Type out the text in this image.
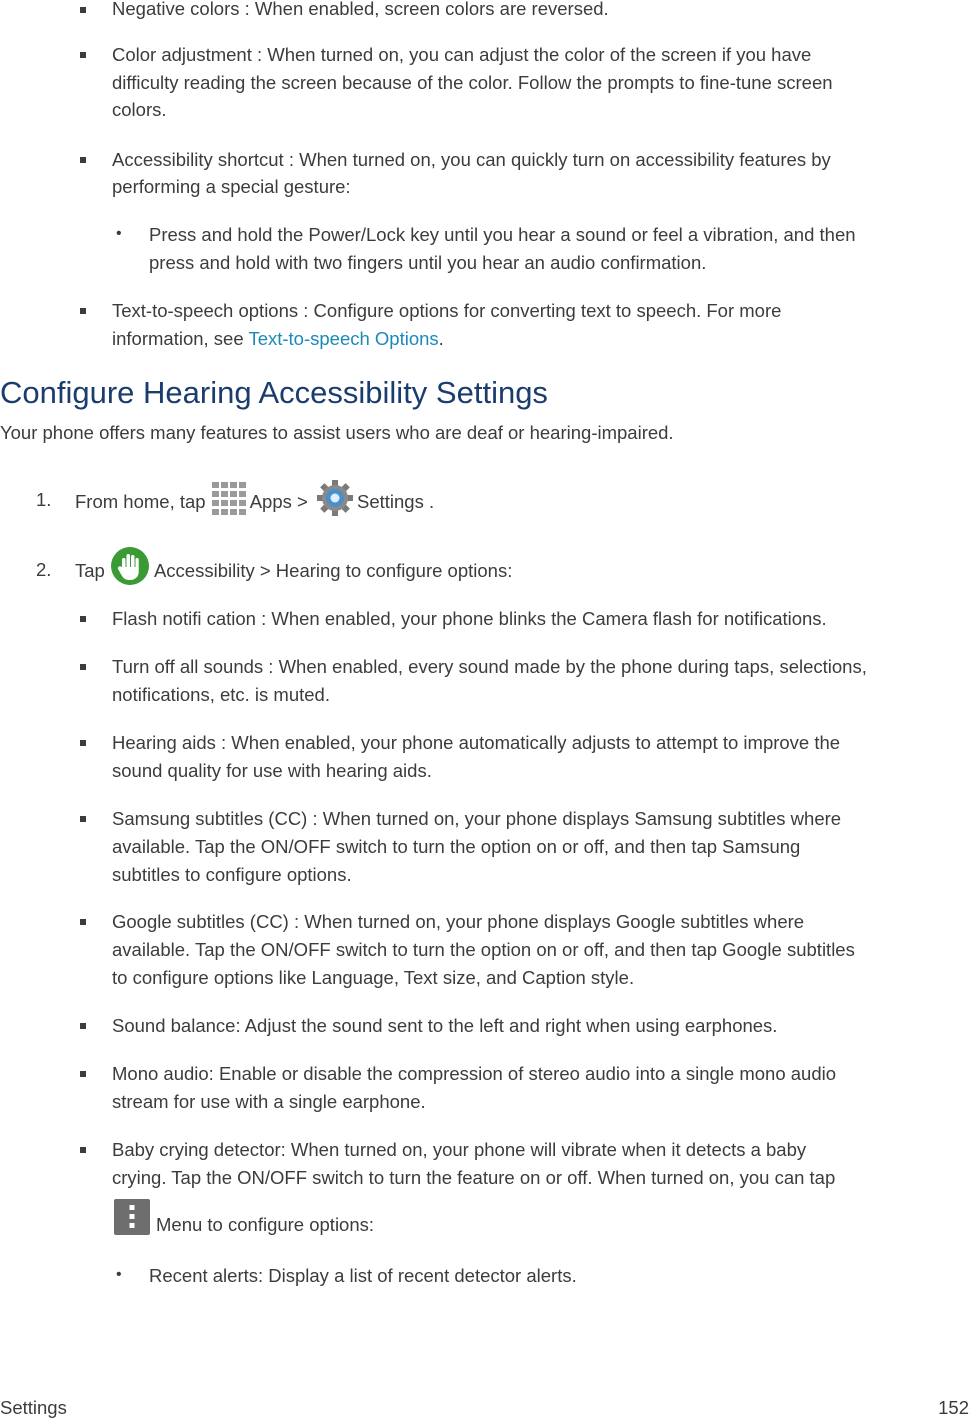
Negative colors : When enabled, screen colors are reversed.
Color adjustment : When turned on, you can adjust the color of the screen if you have
difficulty reading the screen because of the color. Follow the prompts to fine-tune screen
colors.
Accessibility shortcut : When turned on, you can quickly turn on accessibility features by
performing a special gesture:
• Press and hold the Power/Lock key until you hear a sound or feel a vibration, and then
press and hold with two fingers until you hear an audio confirmation.
Text-to-speech options : Configure options for converting text to speech. For more
information, see Text-to-speech Options.
Configure Hearing Accessibility Settings
Your phone offers many features to assist users who are deaf or hearing-impaired.
1. From home, tap Apps > Settings .
2. Tap Accessibility > Hearing to configure options:
Flash notifi cation : When enabled, your phone blinks the Camera flash for notifications.
Turn off all sounds : When enabled, every sound made by the phone during taps, selections,
notifications, etc. is muted.
Hearing aids : When enabled, your phone automatically adjusts to attempt to improve the
sound quality for use with hearing aids.
Samsung subtitles (CC) : When turned on, your phone displays Samsung subtitles where
available. Tap the ON/OFF switch to turn the option on or off, and then tap Samsung
subtitles to configure options.
Google subtitles (CC) : When turned on, your phone displays Google subtitles where
available. Tap the ON/OFF switch to turn the option on or off, and then tap Google subtitles
to configure options like Language, Text size, and Caption style.
Sound balance: Adjust the sound sent to the left and right when using earphones.
Mono audio: Enable or disable the compression of stereo audio into a single mono audio
stream for use with a single earphone.
Baby crying detector: When turned on, your phone will vibrate when it detects a baby
crying. Tap the ON/OFF switch to turn the feature on or off. When turned on, you can tap
Menu to configure options:
• Recent alerts: Display a list of recent detector alerts.
Settings	152
